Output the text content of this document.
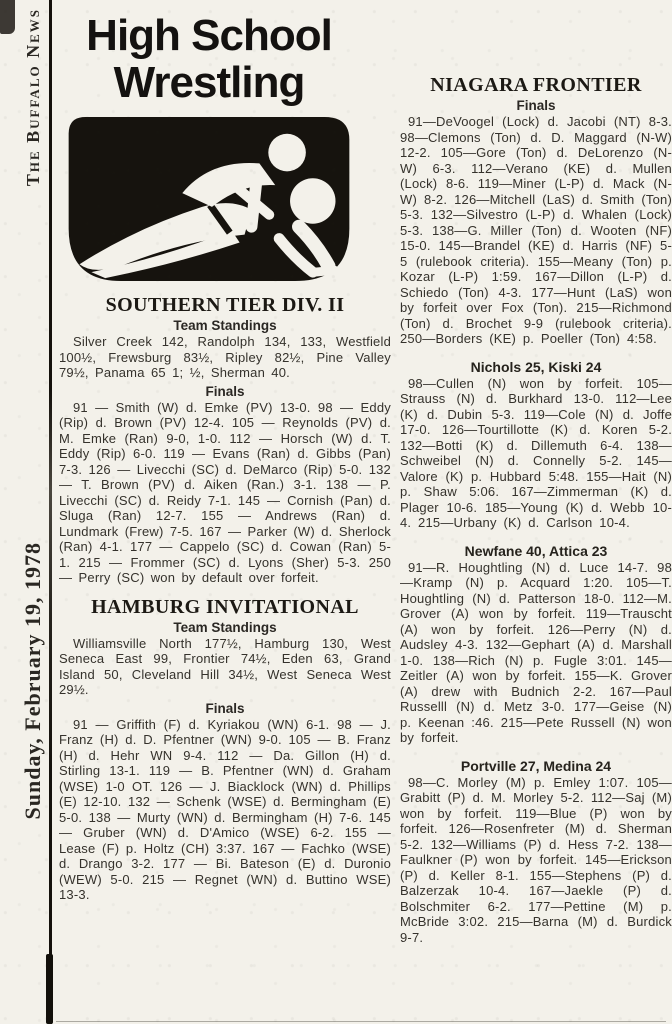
The Buffalo News
Sunday, February 19, 1978
High School
Wrestling
SOUTHERN TIER DIV. II
Team Standings

Silver Creek 142, Randolph 134, 133, Westfield 100½, Frewsburg 83½, Ripley 82½, Pine Valley 79½, Panama 65 1; ½, Sherman 40.

Finals

91 — Smith (W) d. Emke (PV) 13-0. 98 — Eddy (Rip) d. Brown (PV) 12-4. 105 — Reynolds (PV) d. M. Emke (Ran) 9-0, 1-0. 112 — Horsch (W) d. T. Eddy (Rip) 6-0. 119 — Evans (Ran) d. Gibbs (Pan) 7-3. 126 — Livecchi (SC) d. DeMarco (Rip) 5-0. 132 — T. Brown (PV) d. Aiken (Ran.) 3-1. 138 — P. Livecchi (SC) d. Reidy 7-1. 145 — Cornish (Pan) d. Sluga (Ran) 12-7. 155 — Andrews (Ran) d. Lundmark (Frew) 7-5. 167 — Parker (W) d. Sherlock (Ran) 4-1. 177 — Cappelo (SC) d. Cowan (Ran) 5-1. 215 — Frommer (SC) d. Lyons (Sher) 5-3. 250 — Perry (SC) won by default over forfeit.

HAMBURG INVITATIONAL
Team Standings

Williamsville North 177½, Hamburg 130, West Seneca East 99, Frontier 74½, Eden 63, Grand Island 50, Cleveland Hill 34½, West Seneca West 29½.

Finals

91 — Griffith (F) d. Kyriakou (WN) 6-1. 98 — J. Franz (H) d. D. Pfentner (WN) 9-0. 105 — B. Franz (H) d. Hehr WN 9-4. 112 — Da. Gillon (H) d. Stirling 13-1. 119 — B. Pfentner (WN) d. Graham (WSE) 1-0 OT. 126 — J. Biacklock (WN) d. Phillips (E) 12-10. 132 — Schenk (WSE) d. Bermingham (E) 5-0. 138 — Murty (WN) d. Bermingham (H) 7-6. 145 — Gruber (WN) d. D'Amico (WSE) 6-2. 155 — Lease (F) p. Holtz (CH) 3:37. 167 — Fachko (WSE) d. Drango 3-2. 177 — Bi. Bateson (E) d. Duronio (WEW) 5-0. 215 — Regnet (WN) d. Buttino WSE) 13-3.

NIAGARA FRONTIER
Finals

91—DeVoogel (Lock) d. Jacobi (NT) 8-3. 98—Clemons (Ton) d. D. Maggard (N-W) 12-2. 105—Gore (Ton) d. DeLorenzo (N-W) 6-3. 112—Verano (KE) d. Mullen (Lock) 8-6. 119—Miner (L-P) d. Mack (N-W) 8-2. 126—Mitchell (LaS) d. Smith (Ton) 5-3. 132—Silvestro (L-P) d. Whalen (Lock) 5-3. 138—G. Miller (Ton) d. Wooten (NF) 15-0. 145—Brandel (KE) d. Harris (NF) 5-5 (rulebook criteria). 155—Meany (Ton) p. Kozar (L-P) 1:59. 167—Dillon (L-P) d. Schiedo (Ton) 4-3. 177—Hunt (LaS) won by forfeit over Fox (Ton). 215—Richmond (Ton) d. Brochet 9-9 (rulebook criteria). 250—Borders (KE) p. Poeller (Ton) 4:58.

Nichols 25, Kiski 24

98—Cullen (N) won by forfeit. 105—Strauss (N) d. Burkhard 13-0. 112—Lee (K) d. Dubin 5-3. 119—Cole (N) d. Joffe 17-0. 126—Tourtillotte (K) d. Koren 5-2. 132—Botti (K) d. Dillemuth 6-4. 138—Schweibel (N) d. Connelly 5-2. 145—Valore (K) p. Hubbard 5:48. 155—Hait (N) p. Shaw 5:06. 167—Zimmerman (K) d. Plager 10-6. 185—Young (K) d. Webb 10-4. 215—Urbany (K) d. Carlson 10-4.

Newfane 40, Attica 23

91—R. Houghtling (N) d. Luce 14-7. 98—Kramp (N) p. Acquard 1:20. 105—T. Houghtling (N) d. Patterson 18-0. 112—M. Grover (A) won by forfeit. 119—Trauscht (A) won by forfeit. 126—Perry (N) d. Audsley 4-3. 132—Gephart (A) d. Marshall 1-0. 138—Rich (N) p. Fugle 3:01. 145—Zeitler (A) won by forfeit. 155—K. Grover (A) drew with Budnich 2-2. 167—Paul Russelll (N) d. Metz 3-0. 177—Geise (N) p. Keenan :46. 215—Pete Russell (N) won by forfeit.

Portville 27, Medina 24

98—C. Morley (M) p. Emley 1:07. 105—Grabitt (P) d. M. Morley 5-2. 112—Saj (M) won by forfeit. 119—Blue (P) won by forfeit. 126—Rosenfreter (M) d. Sherman 5-2. 132—Williams (P) d. Hess 7-2. 138—Faulkner (P) won by forfeit. 145—Erickson (P) d. Keller 8-1. 155—Stephens (P) d. Balzerzak 10-4. 167—Jaekle (P) d. Bolschmiter 6-2. 177—Pettine (M) p. McBride 3:02. 215—Barna (M) d. Burdick 9-7.
